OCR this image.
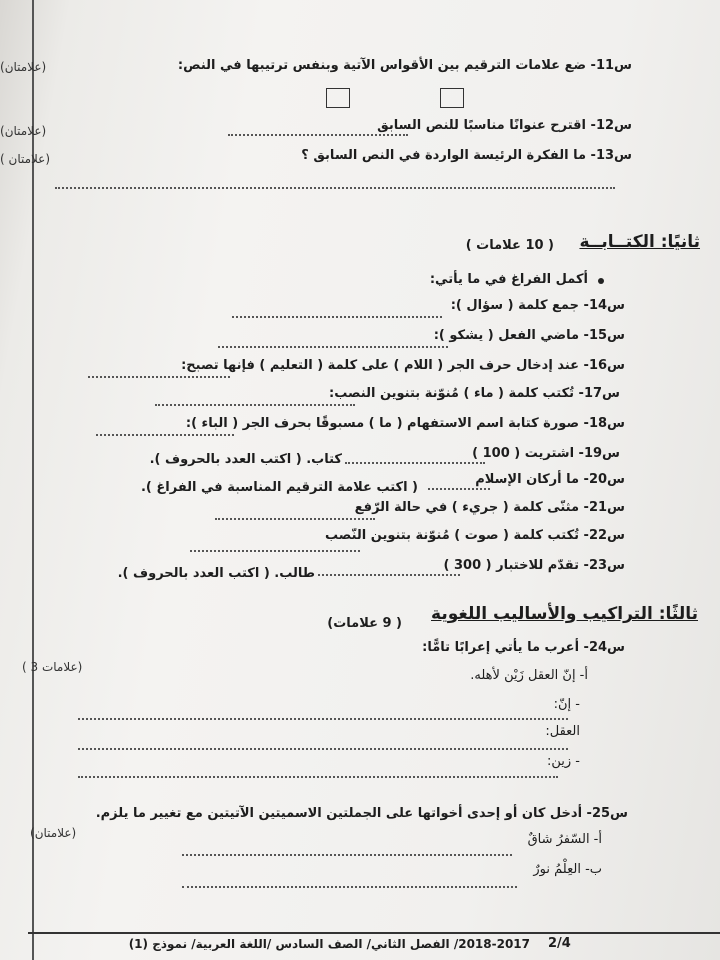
س11- ضع علامات الترقيم بين الأقواس الآتية وبنفس ترتيبها في النص:
(علامتان)
س12- اقترح عنوانًا مناسبًا للنص السابق
(علامتان)
س13- ما الفكرة الرئيسة الواردة في النص السابق ؟
( علامتان)
ثانيًا: الكتــابــة
( 10 علامات )
أكمل الفراغ في ما يأتي:
س14- جمع كلمة ( سؤال ):
س15- ماضي الفعل ( يشكو ):
س16- عند إدخال حرف الجر ( اللام ) على كلمة ( التعليم ) فإنها تصبح:
س17- تُكتب كلمة ( ماء ) مُنوّنة بتنوين النصب:
س18- صورة كتابة اسم الاستفهام ( ما ) مسبوقًا بحرف الجر ( الباء ):
س19- اشتريت ( 100 )
كتاب. ( اكتب العدد بالحروف ).
س20- ما أركان الإسلام
( اكتب علامة الترقيم المناسبة في الفراغ ).
س21- مثنّى كلمة ( جريء ) في حالة الرّفع
س22- تُكتب كلمة ( صوت ) مُنوّنة بتنوين النّصب
س23- تقدّم للاختبار ( 300 )
طالب. ( اكتب العدد بالحروف ).
ثالثًا: التراكيب والأساليب اللغوية
( 9 علامات)
س24- أعرب ما يأتي إعرابًا تامًّا:
( 3 علامات)
أ- إنّ العقل زَيْن لأهله.
- إنّ:
العقل:
- زين:
س25- أدخل كان أو إحدى أخواتها على الجملتين الاسميتين الآتيتين مع تغيير ما يلزم.
(علامتان)	أ- السّفرُ شاقٌ
ب- العِلْمُ نورٌ
2/4
2018-2017/ الفصل الثاني/ الصف السادس /اللغة العربية/ نموذج (1)
